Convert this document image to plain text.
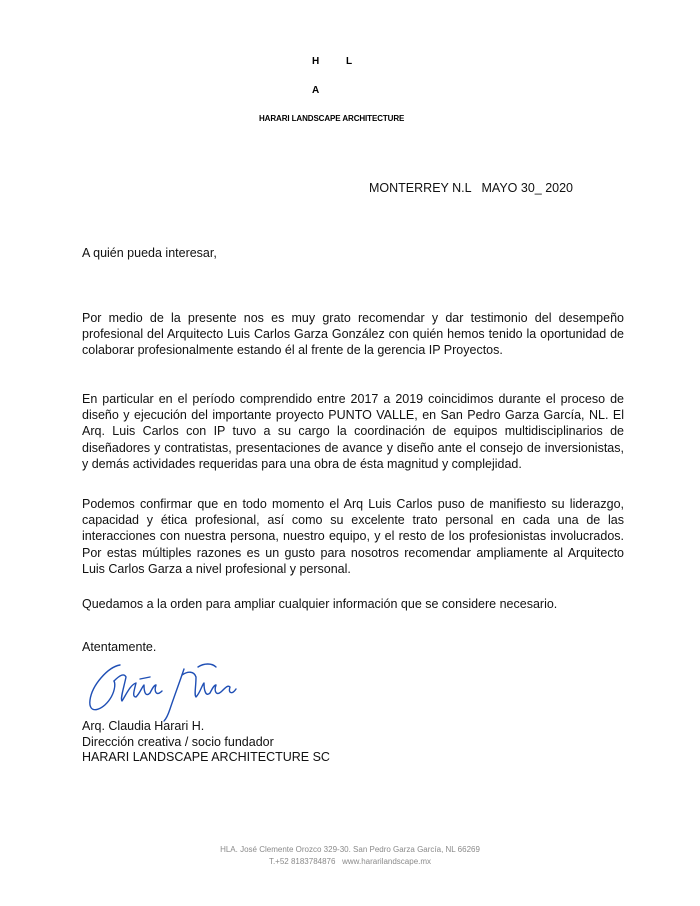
H	L
A
HARARI LANDSCAPE ARCHITECTURE
MONTERREY N.L   MAYO 30_ 2020
A quién pueda interesar,

Por medio de la presente nos es muy grato recomendar y dar testimonio del desempeño profesional del Arquitecto Luis Carlos Garza González con quién hemos tenido la oportunidad de colaborar profesionalmente estando él al frente de la gerencia IP Proyectos.

En particular en el período comprendido entre 2017 a 2019 coincidimos durante el proceso de diseño y ejecución del importante proyecto PUNTO VALLE, en San Pedro Garza García, NL. El Arq. Luis Carlos con IP tuvo a su cargo la coordinación de equipos multidisciplinarios de diseñadores y contratistas, presentaciones de avance y diseño ante el consejo de inversionistas, y demás actividades requeridas para una obra de ésta magnitud y complejidad.

Podemos confirmar que en todo momento el Arq Luis Carlos puso de manifiesto su liderazgo, capacidad y ética profesional, así como su excelente trato personal en cada una de las interacciones con nuestra persona, nuestro equipo, y el resto de los profesionistas involucrados. Por estas múltiples razones es un gusto para nosotros recomendar ampliamente al Arquitecto Luis Carlos Garza a nivel profesional y personal.

Quedamos a la orden para ampliar cualquier información que se considere necesario.

Atentamente.
Arq. Claudia Harari H.
Dirección creativa / socio fundador
HARARI LANDSCAPE ARCHITECTURE SC
HLA. José Clemente Orozco 329-30. San Pedro Garza García, NL 66269
T.+52 8183784876   www.hararilandscape.mx
